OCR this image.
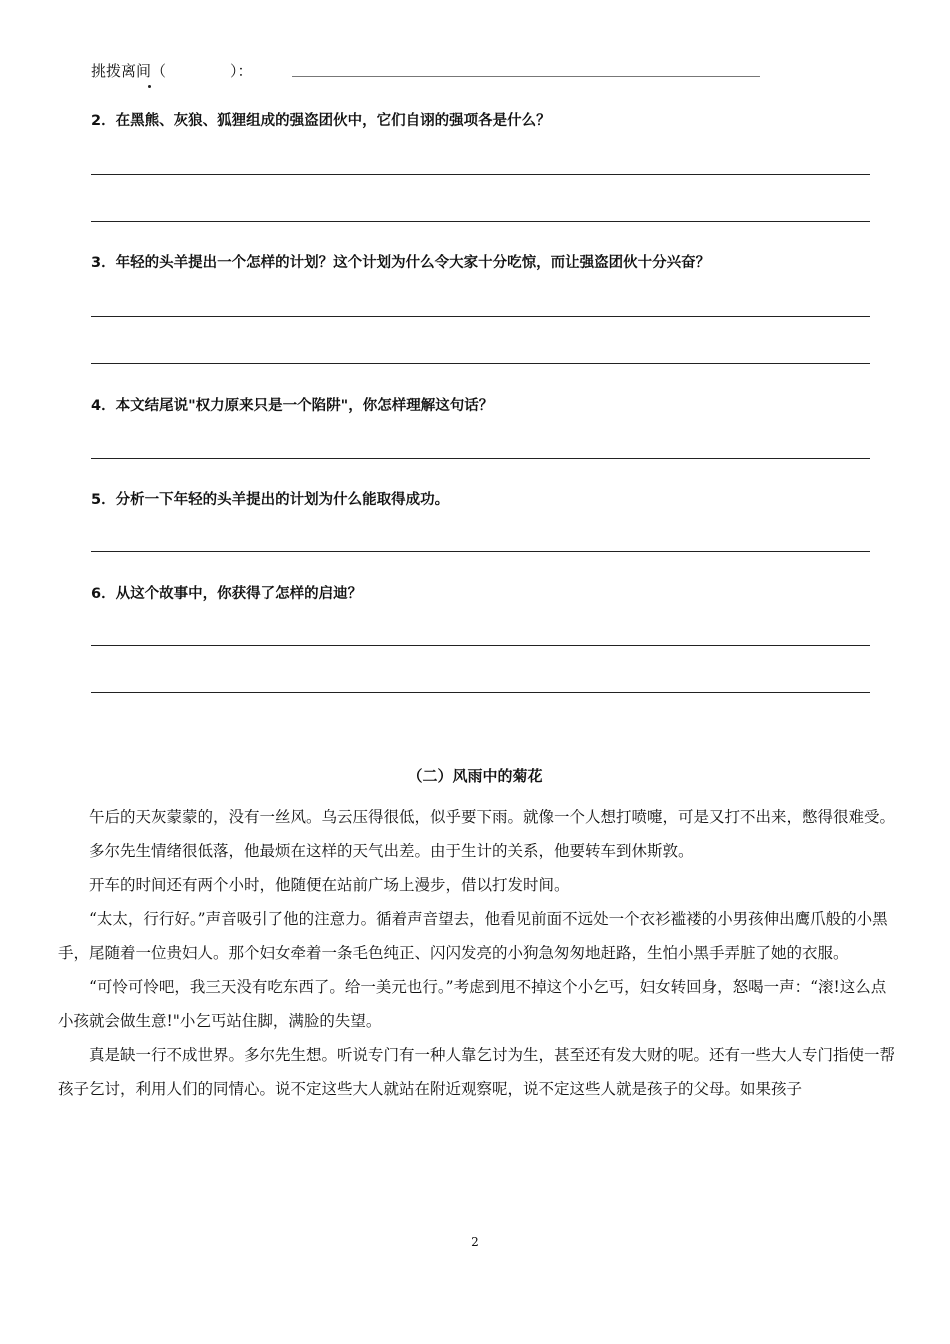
挑拨离间（	）：
2．在黑熊、灰狼、狐狸组成的强盗团伙中，它们自诩的强项各是什么？
3．年轻的头羊提出一个怎样的计划？这个计划为什么令大家十分吃惊，而让强盗团伙十分兴奋？
4．本文结尾说"权力原来只是一个陷阱"，你怎样理解这句话？
5．分析一下年轻的头羊提出的计划为什么能取得成功。
6．从这个故事中，你获得了怎样的启迪？
（二）风雨中的菊花

午后的天灰蒙蒙的，没有一丝风。乌云压得很低，似乎要下雨。就像一个人想打喷嚏，可是又打不出来，憋得很难受。

多尔先生情绪很低落，他最烦在这样的天气出差。由于生计的关系，他要转车到休斯敦。

开车的时间还有两个小时，他随便在站前广场上漫步，借以打发时间。

“太太，行行好。”声音吸引了他的注意力。循着声音望去，他看见前面不远处一个衣衫褴褛的小男孩伸出鹰爪般的小黑手，尾随着一位贵妇人。那个妇女牵着一条毛色纯正、闪闪发亮的小狗急匆匆地赶路，生怕小黑手弄脏了她的衣服。

“可怜可怜吧，我三天没有吃东西了。给一美元也行。”考虑到甩不掉这个小乞丐，妇女转回身，怒喝一声：“滚!这么点小孩就会做生意!"小乞丐站住脚，满脸的失望。

真是缺一行不成世界。多尔先生想。听说专门有一种人靠乞讨为生，甚至还有发大财的呢。还有一些大人专门指使一帮孩子乞讨，利用人们的同情心。说不定这些大人就站在附近观察呢，说不定这些人就是孩子的父母。如果孩子

2
